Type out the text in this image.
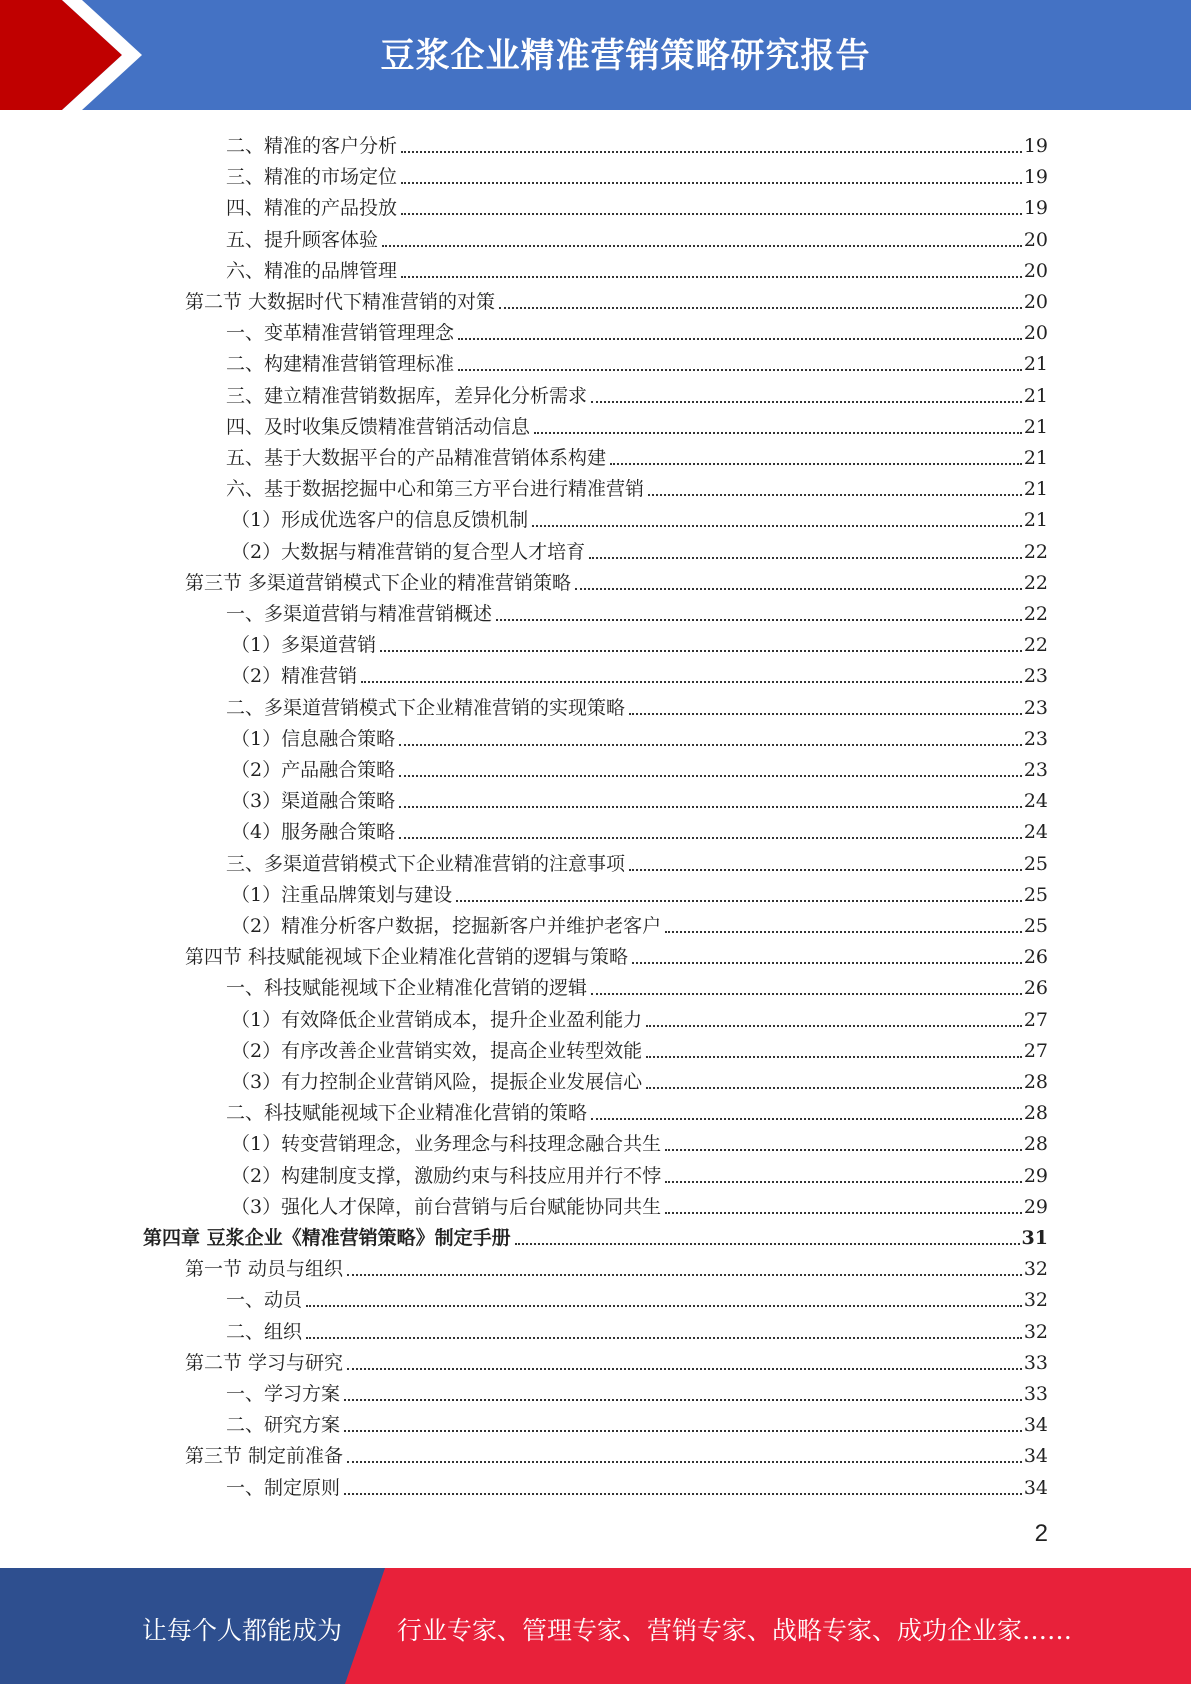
豆浆企业精准营销策略研究报告
二、精准的客户分析	19
三、精准的市场定位	19
四、精准的产品投放	19
五、提升顾客体验	20
六、精准的品牌管理	20
第二节 大数据时代下精准营销的对策	20
一、变革精准营销管理理念	20
二、构建精准营销管理标准	21
三、建立精准营销数据库，差异化分析需求	21
四、及时收集反馈精准营销活动信息	21
五、基于大数据平台的产品精准营销体系构建	21
六、基于数据挖掘中心和第三方平台进行精准营销	21
（1）形成优选客户的信息反馈机制	21
（2）大数据与精准营销的复合型人才培育	22
第三节 多渠道营销模式下企业的精准营销策略	22
一、多渠道营销与精准营销概述	22
（1）多渠道营销	22
（2）精准营销	23
二、多渠道营销模式下企业精准营销的实现策略	23
（1）信息融合策略	23
（2）产品融合策略	23
（3）渠道融合策略	24
（4）服务融合策略	24
三、多渠道营销模式下企业精准营销的注意事项	25
（1）注重品牌策划与建设	25
（2）精准分析客户数据，挖掘新客户并维护老客户	25
第四节 科技赋能视域下企业精准化营销的逻辑与策略	26
一、科技赋能视域下企业精准化营销的逻辑	26
（1）有效降低企业营销成本，提升企业盈利能力	27
（2）有序改善企业营销实效，提高企业转型效能	27
（3）有力控制企业营销风险，提振企业发展信心	28
二、科技赋能视域下企业精准化营销的策略	28
（1）转变营销理念，业务理念与科技理念融合共生	28
（2）构建制度支撑，激励约束与科技应用并行不悖	29
（3）强化人才保障，前台营销与后台赋能协同共生	29
第四章 豆浆企业《精准营销策略》制定手册	31
第一节 动员与组织	32
一、动员	32
二、组织	32
第二节 学习与研究	33
一、学习方案	33
二、研究方案	34
第三节 制定前准备	34
一、制定原则	34
2
让每个人都能成为 行业专家、管理专家、营销专家、战略专家、成功企业家……
